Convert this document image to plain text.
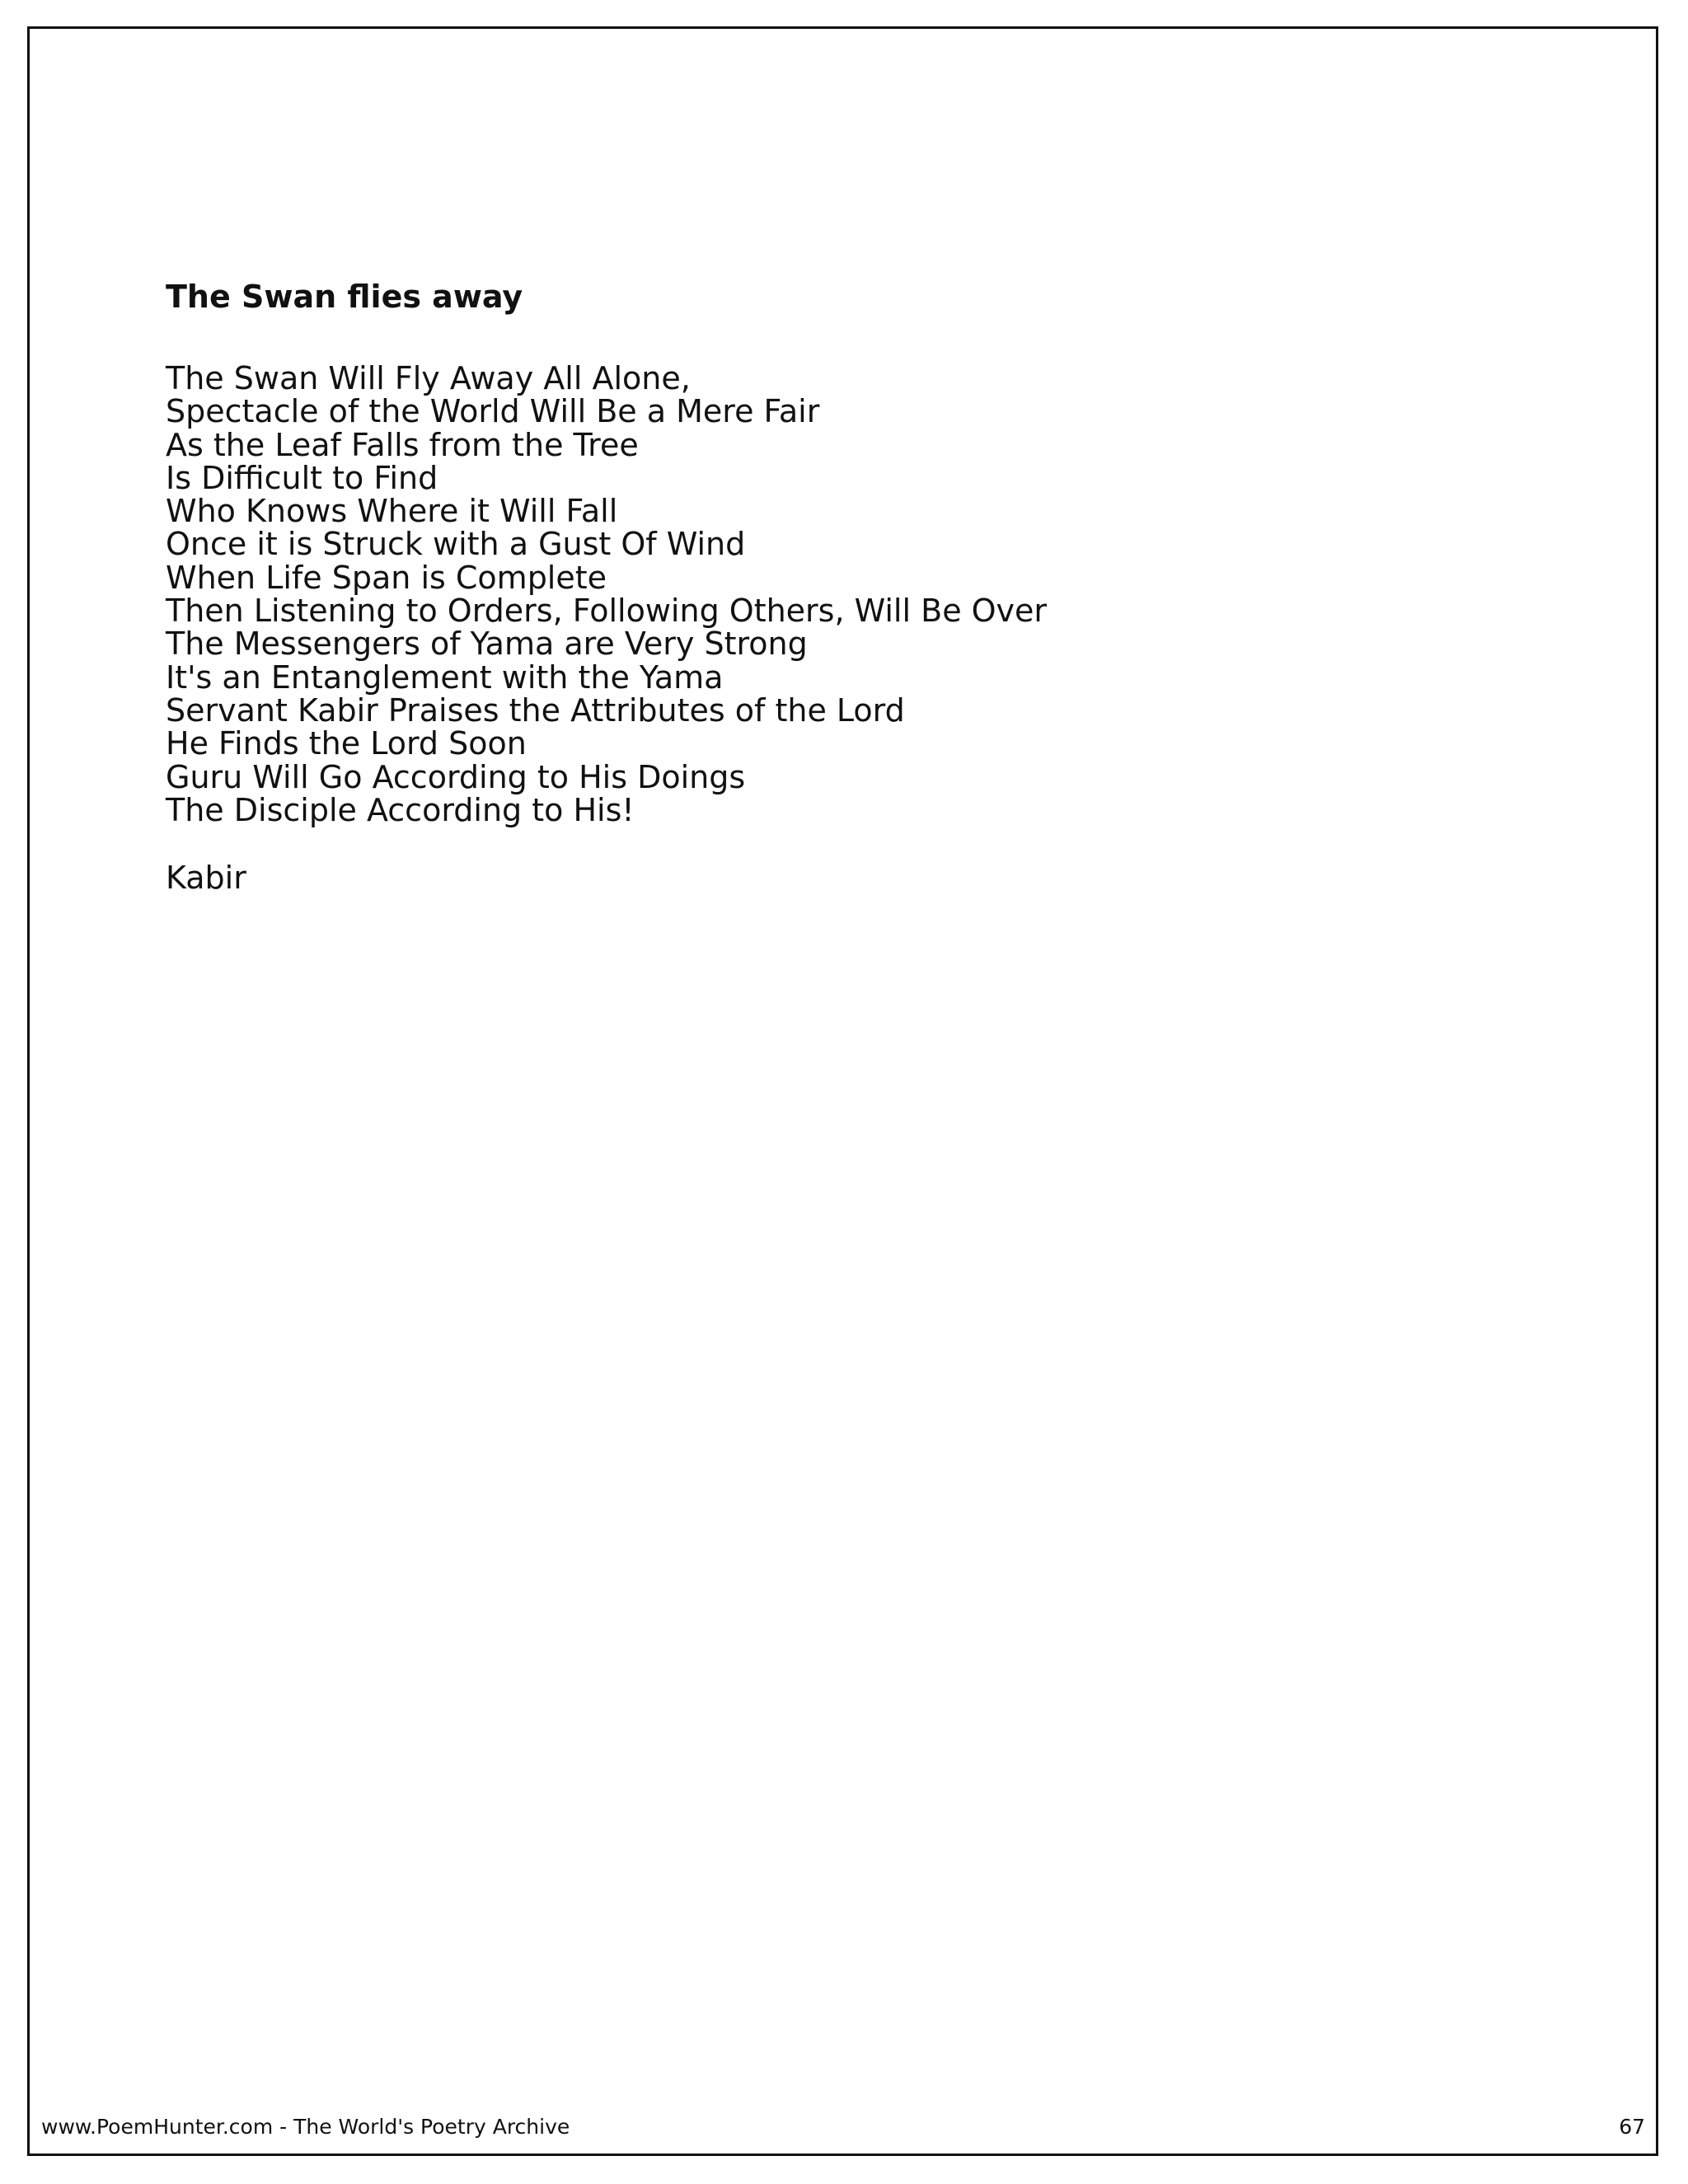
The Swan flies away
The Swan Will Fly Away All Alone,
Spectacle of the World Will Be a Mere Fair
As the Leaf Falls from the Tree
Is Difficult to Find
Who Knows Where it Will Fall
Once it is Struck with a Gust Of Wind
When Life Span is Complete
Then Listening to Orders, Following Others, Will Be Over
The Messengers of Yama are Very Strong
It's an Entanglement with the Yama
Servant Kabir Praises the Attributes of the Lord
He Finds the Lord Soon
Guru Will Go According to His Doings
The Disciple According to His!
Kabir
www.PoemHunter.com - The World's Poetry Archive	67
